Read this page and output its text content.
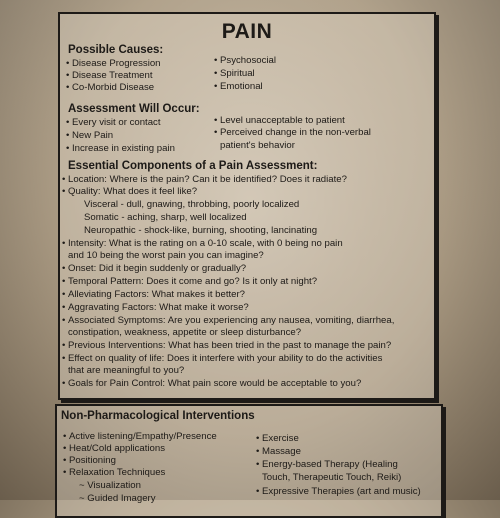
PAIN
Possible Causes:
• Disease Progression
• Disease Treatment
• Co-Morbid Disease
• Psychosocial
• Spiritual
• Emotional
Assessment Will Occur:
• Every visit or contact
• New Pain
• Increase in existing pain
• Level unacceptable to patient
• Perceived change in the non-verbal
patient's behavior
Essential Components of a Pain Assessment:
• Location: Where is the pain? Can it be identified? Does it radiate?
• Quality: What does it feel like?
Visceral - dull, gnawing, throbbing, poorly localized
Somatic - aching, sharp, well localized
Neuropathic - shock-like, burning, shooting, lancinating
• Intensity: What is the rating on a 0-10 scale, with 0 being no pain
and 10 being the worst pain you can imagine?
• Onset: Did it begin suddenly or gradually?
• Temporal Pattern: Does it come and go? Is it only at night?
• Alleviating Factors: What makes it better?
• Aggravating Factors: What make it worse?
• Associated Symptoms: Are you experiencing any nausea, vomiting, diarrhea,
constipation, weakness, appetite or sleep disturbance?
• Previous Interventions: What has been tried in the past to manage the pain?
• Effect on quality of life: Does it interfere with your ability to do the activities
that are meaningful to you?
• Goals for Pain Control: What pain score would be acceptable to you?
Non-Pharmacological Interventions
• Active listening/Empathy/Presence
• Heat/Cold applications
• Positioning
• Relaxation Techniques
~ Visualization
~ Guided Imagery
• Exercise
• Massage
• Energy-based Therapy (Healing
Touch, Therapeutic Touch, Reiki)
• Expressive Therapies (art and music)
